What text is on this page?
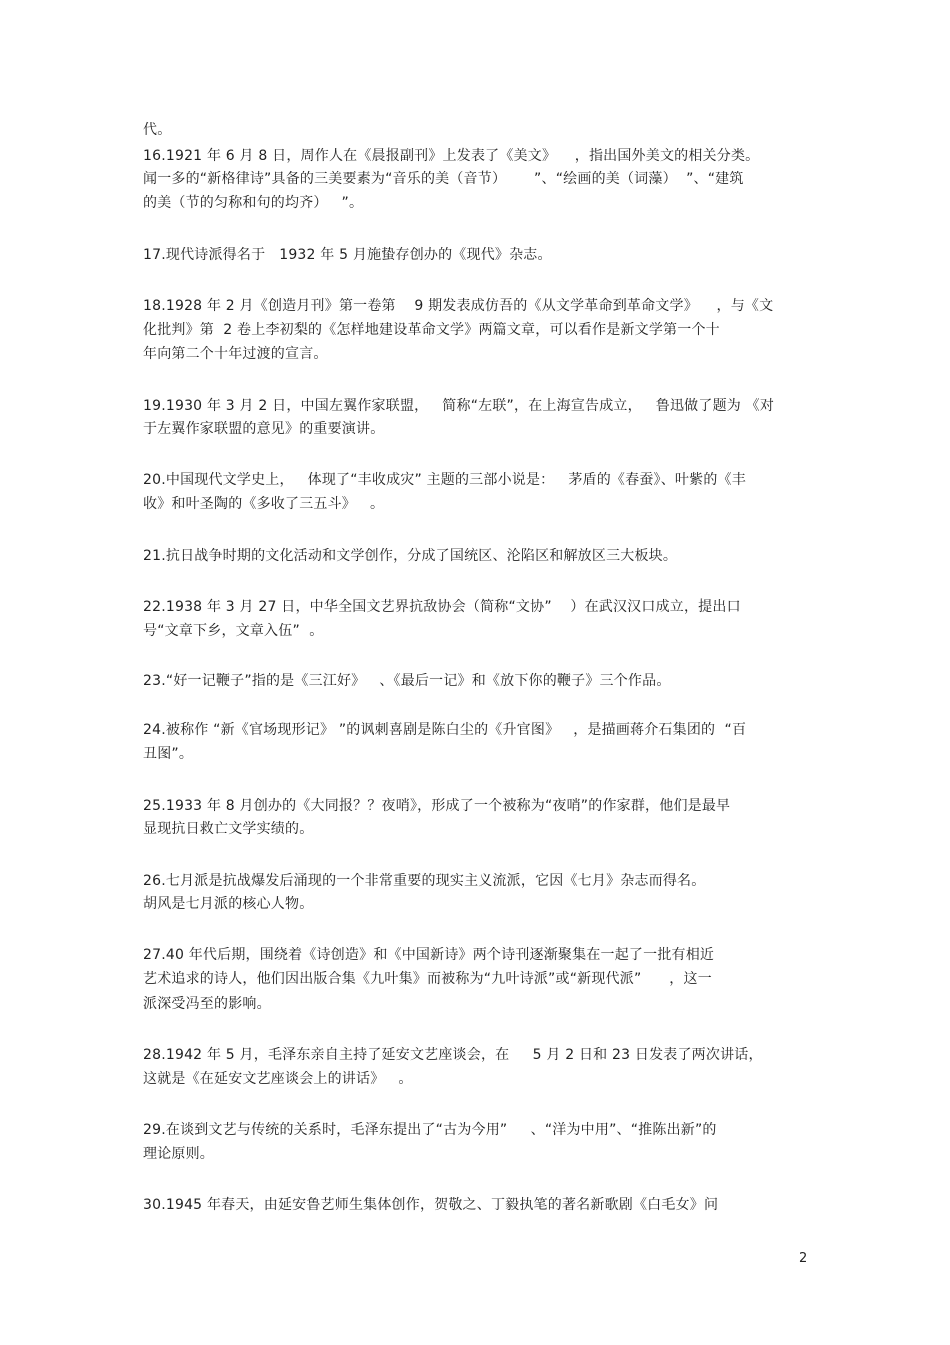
代。
16.1921 年 6 月 8 日，周作人在《晨报副刊》上发表了《美文》    ，指出国外美文的相关分类。
闻一多的“新格律诗”具备的三美要素为“音乐的美（音节）      ”、“绘画的美（词藻）  ”、“建筑
的美（节的匀称和句的均齐）   ”。
17.现代诗派得名于   1932 年 5 月施蛰存创办的《现代》杂志。
18.1928 年 2 月《创造月刊》第一卷第    9 期发表成仿吾的《从文学革命到革命文学》    ，与《文
化批判》第  2 卷上李初梨的《怎样地建设革命文学》两篇文章，可以看作是新文学第一个十
年向第二个十年过渡的宣言。
19.1930 年 3 月 2 日，中国左翼作家联盟，   简称“左联”，在上海宣告成立，   鲁迅做了题为 《对
于左翼作家联盟的意见》的重要演讲。
20.中国现代文学史上，   体现了“丰收成灾” 主题的三部小说是：   茅盾的《春蚕》、叶紫的《丰
收》和叶圣陶的《多收了三五斗》   。
21.抗日战争时期的文化活动和文学创作，分成了国统区、沦陷区和解放区三大板块。
22.1938 年 3 月 27 日，中华全国文艺界抗敌协会（简称“文协”    ）在武汉汉口成立，提出口
号“文章下乡，文章入伍”  。
23.“好一记鞭子”指的是《三江好》   、《最后一记》和《放下你的鞭子》三个作品。
24.被称作 “新《官场现形记》 ”的讽刺喜剧是陈白尘的《升官图》   ，是描画蒋介石集团的  “百
丑图”。
25.1933 年 8 月创办的《大同报？？夜哨》，形成了一个被称为“夜哨”的作家群，他们是最早
显现抗日救亡文学实绩的。
26.七月派是抗战爆发后涌现的一个非常重要的现实主义流派，它因《七月》杂志而得名。
胡风是七月派的核心人物。
27.40 年代后期，围绕着《诗创造》和《中国新诗》两个诗刊逐渐聚集在一起了一批有相近
艺术追求的诗人，他们因出版合集《九叶集》而被称为“九叶诗派”或“新现代派”      ，这一
派深受冯至的影响。
28.1942 年 5 月，毛泽东亲自主持了延安文艺座谈会，在     5 月 2 日和 23 日发表了两次讲话，
这就是《在延安文艺座谈会上的讲话》   。
29.在谈到文艺与传统的关系时，毛泽东提出了“古为今用”     、“洋为中用”、“推陈出新”的
理论原则。
30.1945 年春天，由延安鲁艺师生集体创作，贺敬之、丁毅执笔的著名新歌剧《白毛女》问
2
